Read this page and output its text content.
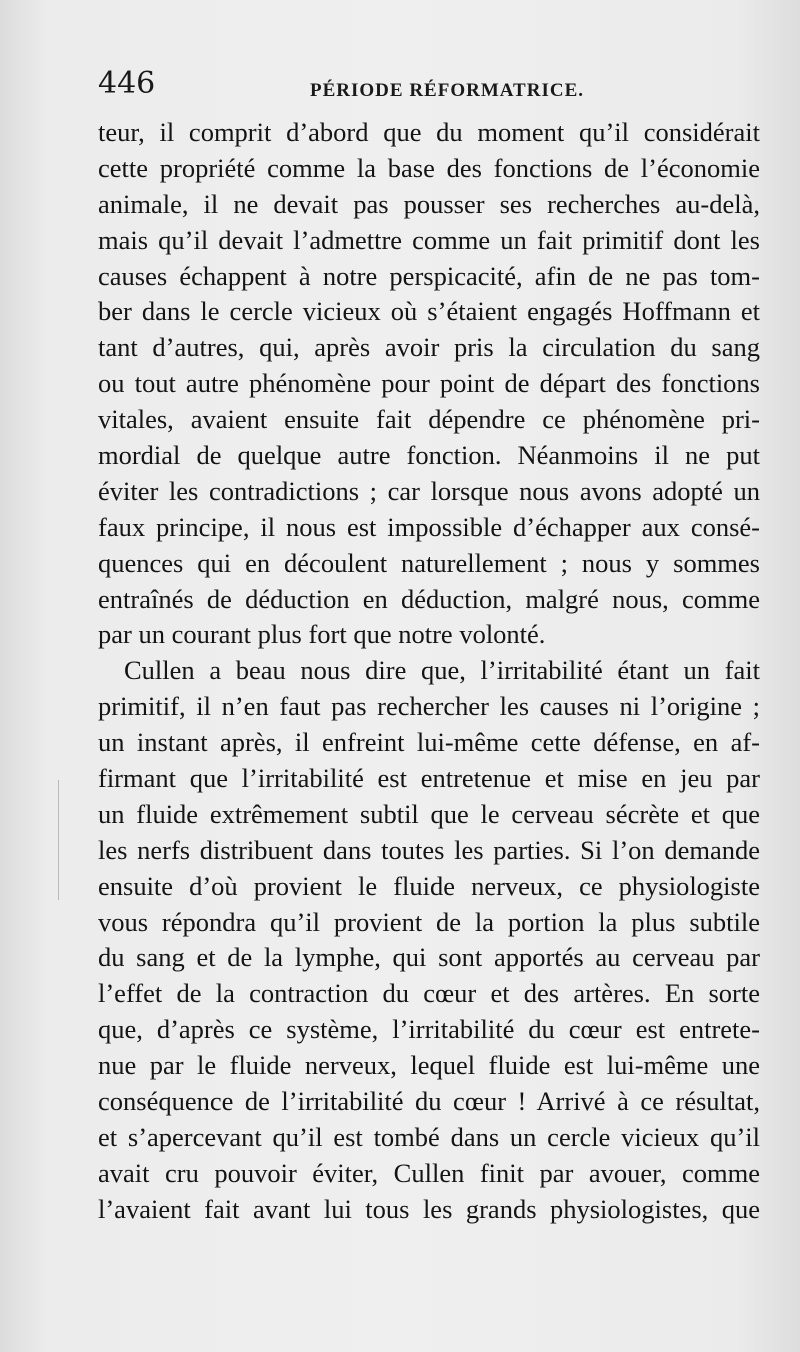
446	PÉRIODE RÉFORMATRICE.
teur, il comprit d’abord que du moment qu’il considérait
cette propriété comme la base des fonctions de l’économie
animale, il ne devait pas pousser ses recherches au-delà,
mais qu’il devait l’admettre comme un fait primitif dont les
causes échappent à notre perspicacité, afin de ne pas tom-
ber dans le cercle vicieux où s’étaient engagés Hoffmann et
tant d’autres, qui, après avoir pris la circulation du sang
ou tout autre phénomène pour point de départ des fonctions
vitales, avaient ensuite fait dépendre ce phénomène pri-
mordial de quelque autre fonction. Néanmoins il ne put
éviter les contradictions ; car lorsque nous avons adopté un
faux principe, il nous est impossible d’échapper aux consé-
quences qui en découlent naturellement ; nous y sommes
entraînés de déduction en déduction, malgré nous, comme
par un courant plus fort que notre volonté.
Cullen a beau nous dire que, l’irritabilité étant un fait
primitif, il n’en faut pas rechercher les causes ni l’origine ;
un instant après, il enfreint lui-même cette défense, en af-
firmant que l’irritabilité est entretenue et mise en jeu par
un fluide extrêmement subtil que le cerveau sécrète et que
les nerfs distribuent dans toutes les parties. Si l’on demande
ensuite d’où provient le fluide nerveux, ce physiologiste
vous répondra qu’il provient de la portion la plus subtile
du sang et de la lymphe, qui sont apportés au cerveau par
l’effet de la contraction du cœur et des artères. En sorte
que, d’après ce système, l’irritabilité du cœur est entrete-
nue par le fluide nerveux, lequel fluide est lui-même une
conséquence de l’irritabilité du cœur ! Arrivé à ce résultat,
et s’apercevant qu’il est tombé dans un cercle vicieux qu’il
avait cru pouvoir éviter, Cullen finit par avouer, comme
l’avaient fait avant lui tous les grands physiologistes, que
